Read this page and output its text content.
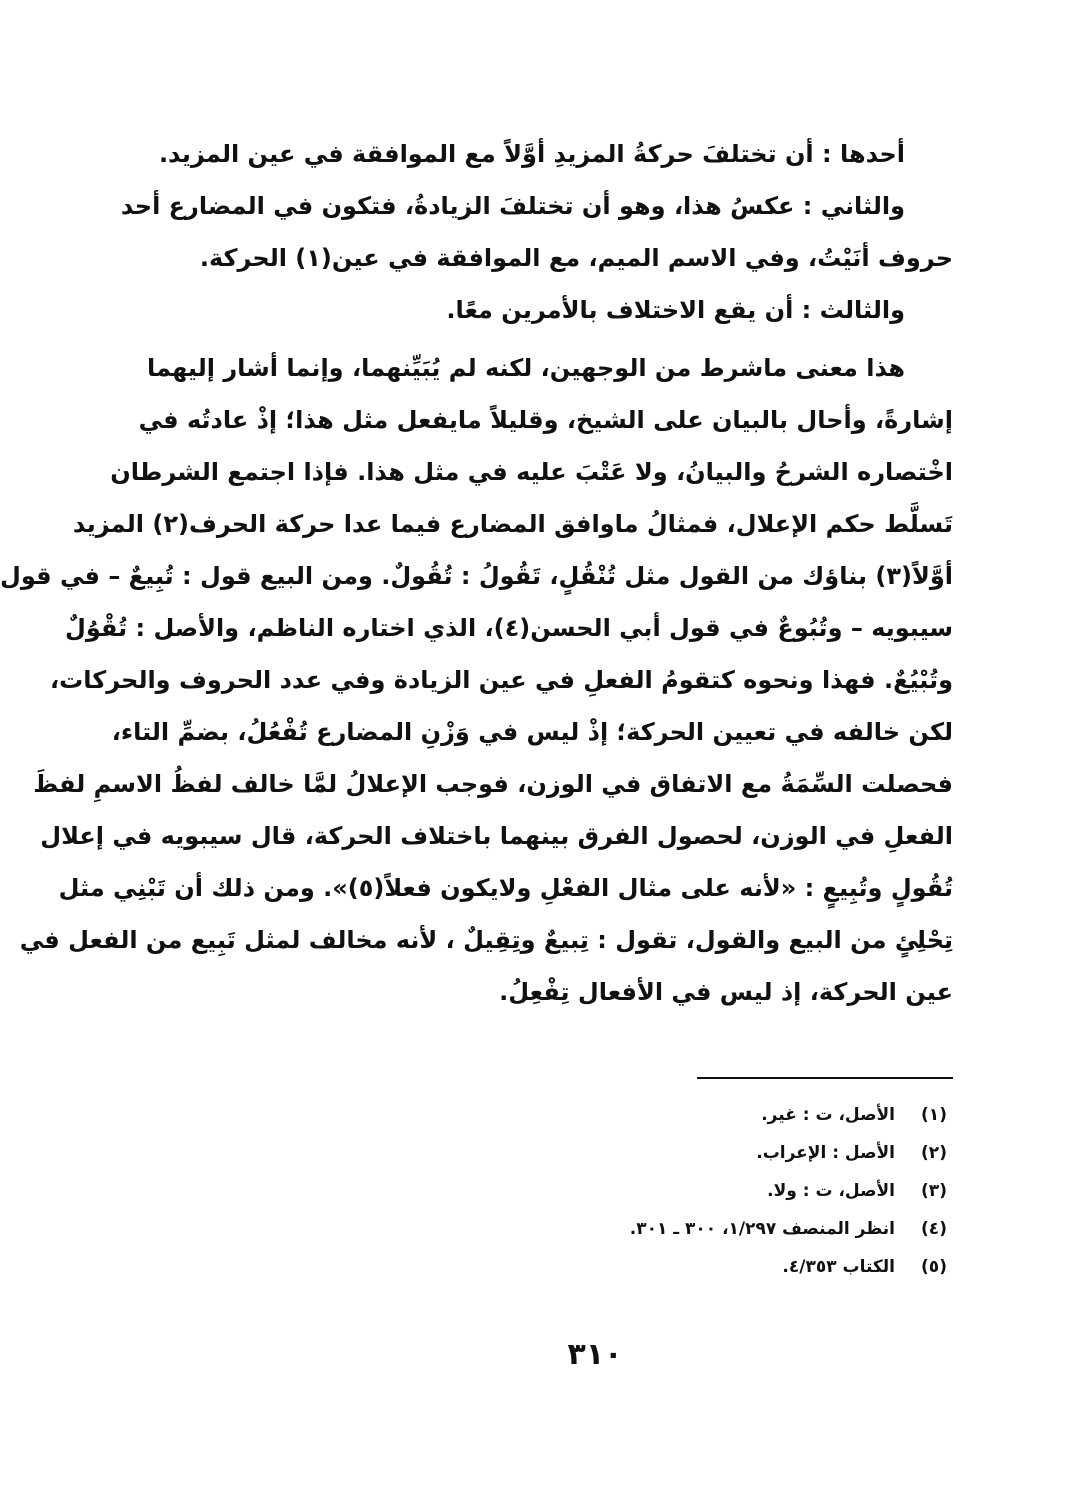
أحدها : أن تختلفَ حركةُ المزيدِ أوَّلاً مع الموافقة في عين المزيد.
والثاني : عكسُ هذا، وهو أن تختلفَ الزيادةُ، فتكون في المضارع أحد
حروف أنَيْتُ، وفي الاسم الميم، مع الموافقة في عين(١) الحركة.
والثالث : أن يقع الاختلاف بالأمرين معًا.
هذا معنى ماشرط من الوجهين، لكنه لم يُبَيِّنهما، وإنما أشار إليهما
إشارةً، وأحال بالبيان على الشيخ، وقليلاً مايفعل مثل هذا؛ إذْ عادتُه في
اخْتصاره الشرحُ والبيانُ، ولا عَتْبَ عليه في مثل هذا. فإذا اجتمع الشرطان
تَسلَّط حكم الإعلال، فمثالُ ماوافق المضارع فيما عدا حركة الحرف(٢) المزيد
أوَّلاً(٣) بناؤك من القول مثل تُنْقُلٍ، تَقُولُ : تُقُولٌ. ومن البيع قول : تُبِيعٌ – في قول
سيبويه – وتُبُوعٌ في قول أبي الحسن(٤)، الذي اختاره الناظم، والأصل : تُقْوُلٌ
وتُبْيُعٌ. فهذا ونحوه كتقومُ الفعلِ في عين الزيادة وفي عدد الحروف والحركات،
لكن خالفه في تعيين الحركة؛ إذْ ليس في وَزْنِ المضارع تُفْعُلُ، بضمِّ التاء،
فحصلت السِّمَةُ مع الاتفاق في الوزن، فوجب الإعلالُ لمَّا خالف لفظُ الاسمِ لفظَ
الفعلِ في الوزن، لحصول الفرق بينهما باختلاف الحركة، قال سيبويه في إعلال
تُقُولٍ وتُبِيعٍ : «لأنه على مثال الفعْلِ ولايكون فعلاً(٥)». ومن ذلك أن تَبْنِي مثل
تِحْلِئٍ من البيع والقول، تقول : تِبيعٌ وتِقِيلٌ ، لأنه مخالف لمثل تَبِيع من الفعل في
عين الحركة، إذ ليس في الأفعال تِفْعِلُ.
(١)
الأصل، ت : غير.
(٢)
الأصل : الإعراب.
(٣)
الأصل، ت : ولا.
(٤)
انظر المنصف ١/٢٩٧، ٣٠٠ ـ ٣٠١.
(٥)
الكتاب ٤/٣٥٣.
٣١٠
